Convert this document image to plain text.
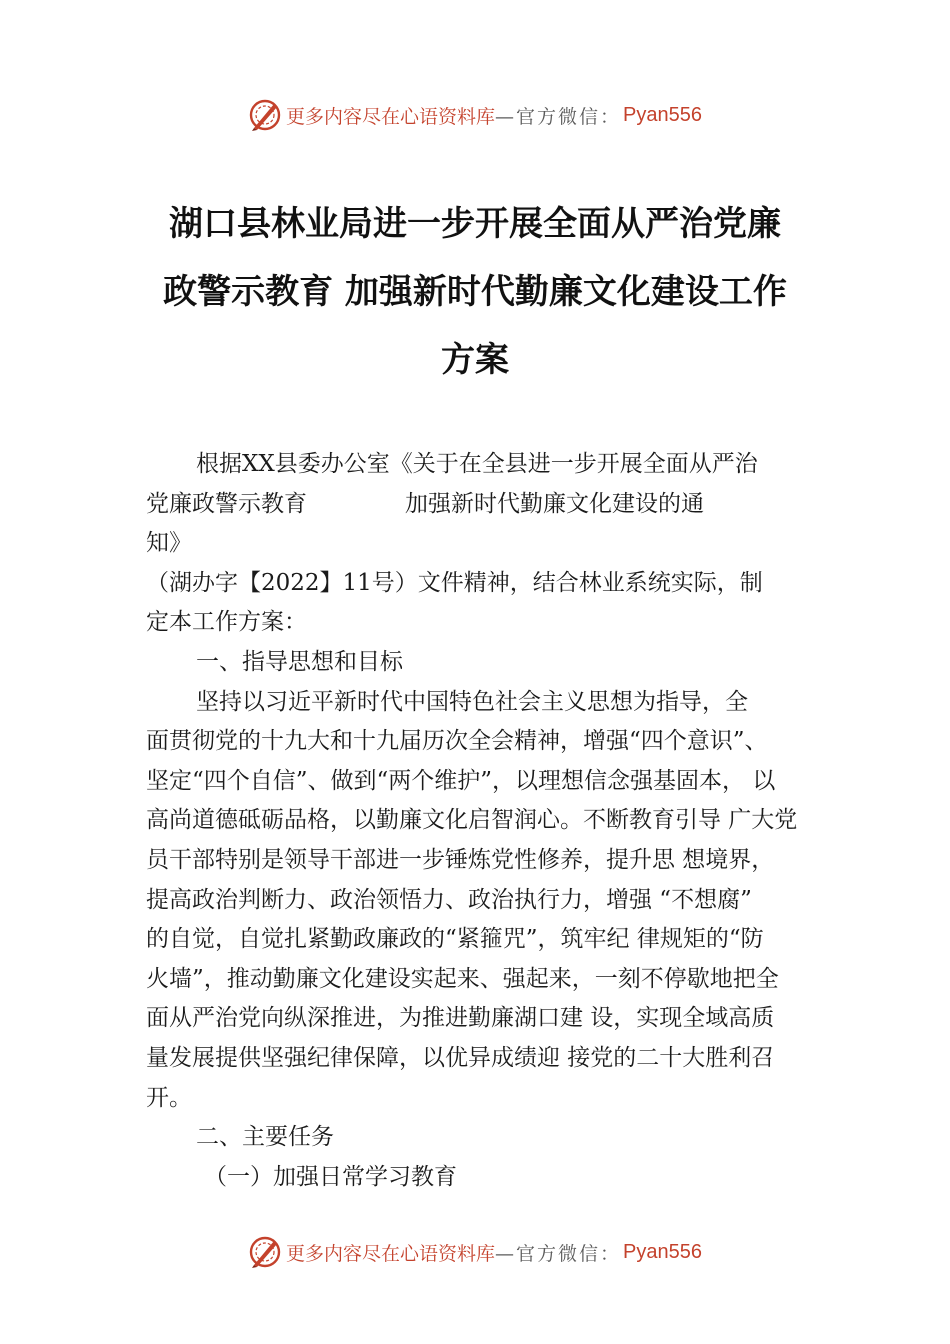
更多内容尽在心语资料库 —官方微信： Pyan556
湖口县林业局进一步开展全面从严治党廉
政警示教育 加强新时代勤廉文化建设工作
方案

根据XX县委办公室《关于在全县进一步开展全面从严治

党廉政警示教育	加强新时代勤廉文化建设的通

知》

（湖办字【2022】11号）文件精神，结合林业系统实际，制

定本工作方案：

一、指导思想和目标

坚持以习近平新时代中国特色社会主义思想为指导，全

面贯彻党的十九大和十九届历次全会精神，增强“四个意识”、

坚定“四个自信”、做到“两个维护”，以理想信念强基固本， 以

高尚道德砥砺品格，以勤廉文化启智润心。不断教育引导 广大党

员干部特别是领导干部进一步锤炼党性修养，提升思 想境界，

提高政治判断力、政治领悟力、政治执行力，增强 “不想腐”

的自觉，自觉扎紧勤政廉政的“紧箍咒”，筑牢纪 律规矩的“防

火墙”，推动勤廉文化建设实起来、强起来，一刻不停歇地把全

面从严治党向纵深推进，为推进勤廉湖口建 设，实现全域高质

量发展提供坚强纪律保障，以优异成绩迎 接党的二十大胜利召

开。

二、主要任务

（一）加强日常学习教育

更多内容尽在心语资料库 —官方微信： Pyan556
